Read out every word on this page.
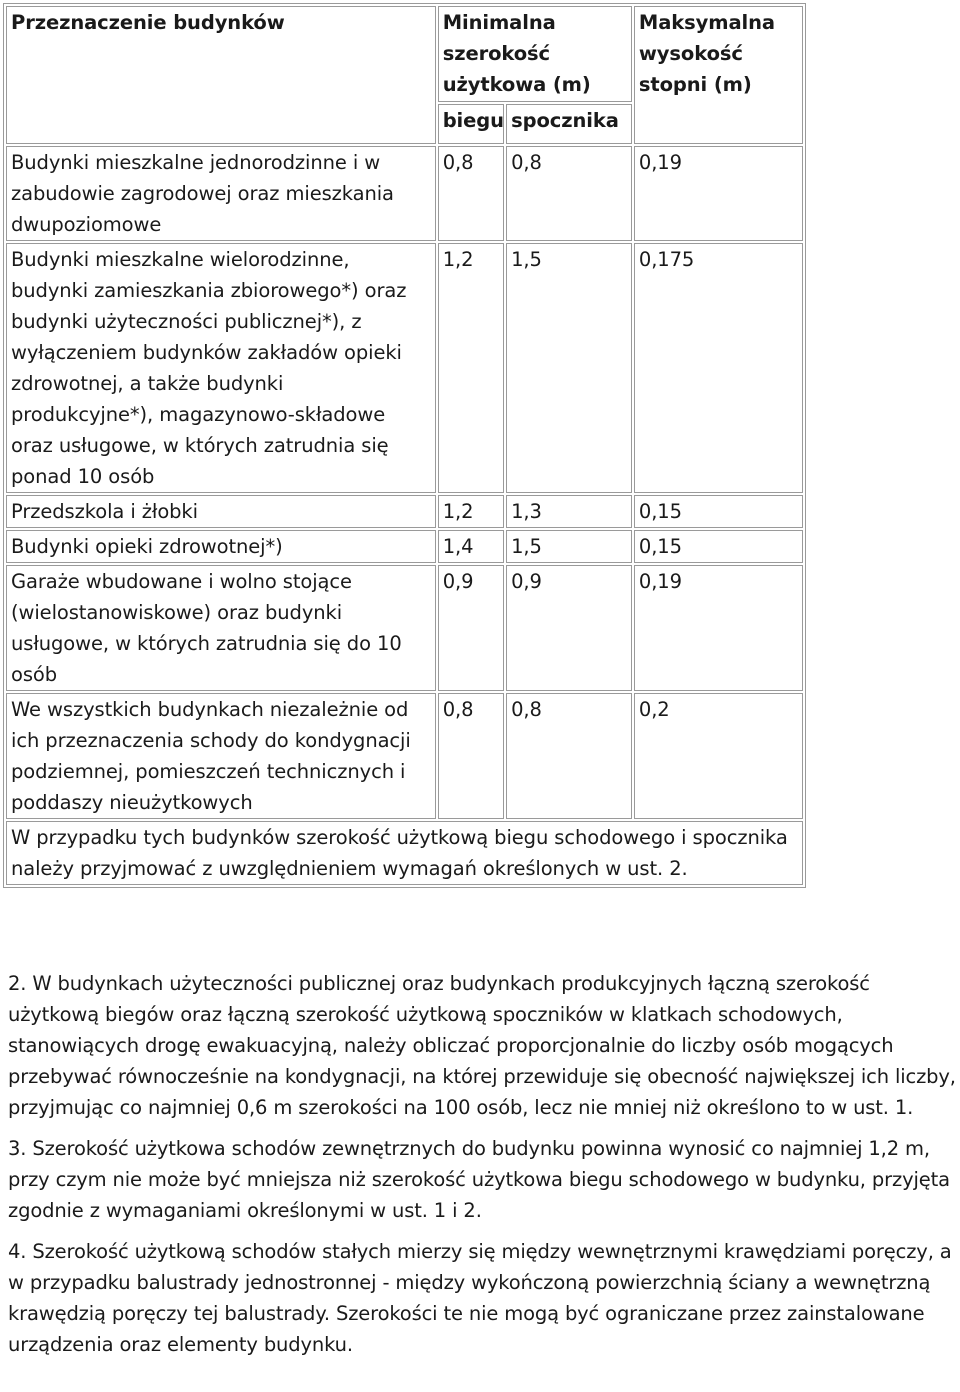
Przeznaczenie budynków	Minimalna szerokość użytkowa (m)		Maksymalna wysokość stopni (m)
	biegu	spocznika	
Budynki mieszkalne jednorodzinne i w zabudowie zagrodowej oraz mieszkania dwupoziomowe	0,8	0,8	0,19
Budynki mieszkalne wielorodzinne, budynki zamieszkania zbiorowego*) oraz budynki użyteczności publicznej*), z wyłączeniem budynków zakładów opieki zdrowotnej, a także budynki produkcyjne*), magazynowo-składowe oraz usługowe, w których zatrudnia się ponad 10 osób	1,2	1,5	0,175
Przedszkola i żłobki	1,2	1,3	0,15
Budynki opieki zdrowotnej*)	1,4	1,5	0,15
Garaże wbudowane i wolno stojące (wielostanowiskowe) oraz budynki usługowe, w których zatrudnia się do 10 osób	0,9	0,9	0,19
We wszystkich budynkach niezależnie od ich przeznaczenia schody do kondygnacji podziemnej, pomieszczeń technicznych i poddaszy nieużytkowych	0,8	0,8	0,2
W przypadku tych budynków szerokość użytkową biegu schodowego i spocznika należy przyjmować z uwzględnieniem wymagań określonych w ust. 2.			

2. W budynkach użyteczności publicznej oraz budynkach produkcyjnych łączną szerokość użytkową biegów oraz łączną szerokość użytkową spoczników w klatkach schodowych, stanowiących drogę ewakuacyjną, należy obliczać proporcjonalnie do liczby osób mogących przebywać równocześnie na kondygnacji, na której przewiduje się obecność największej ich liczby, przyjmując co najmniej 0,6 m szerokości na 100 osób, lecz nie mniej niż określono to w ust. 1.

3. Szerokość użytkowa schodów zewnętrznych do budynku powinna wynosić co najmniej 1,2 m, przy czym nie może być mniejsza niż szerokość użytkowa biegu schodowego w budynku, przyjęta zgodnie z wymaganiami określonymi w ust. 1 i 2.

4. Szerokość użytkową schodów stałych mierzy się między wewnętrznymi krawędziami poręczy, a w przypadku balustrady jednostronnej - między wykończoną powierzchnią ściany a wewnętrzną krawędzią poręczy tej balustrady. Szerokości te nie mogą być ograniczane przez zainstalowane urządzenia oraz elementy budynku.
